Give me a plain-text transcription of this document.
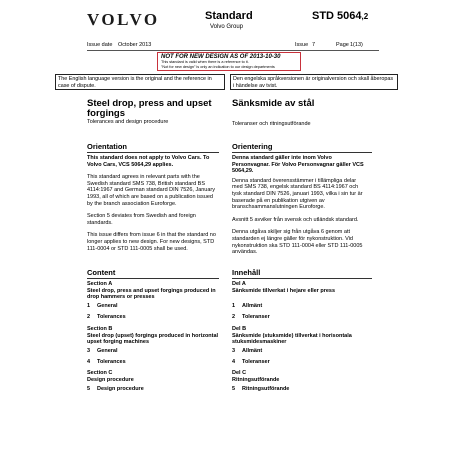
VOLVO	Standard
Volvo Group
STD 5064,2
Issue date October 2013	Issue 7	Page 1(13)
NOT FOR NEW DESIGN AS OF 2013-10-30
This standard is valid when there is a reference to it.
"Not for new design" is only an indication to our design departments
The English language version is the original and the reference in case of dispute.
Den engelska språkversionen är originalversion och skall åberopas i händelse av tvist.
Steel drop, press and upset
forgings
Tolerances and design procedure
Orientation
This standard does not apply to Volvo Cars. To Volvo Cars, VCS 5064,29 applies.
This standard agrees in relevant parts with the Swedish standard SMS 738, British standard BS 4114:1967 and German standard DIN 7526, January 1993, all of which are based on a publication issued by the branch association Euroforge.
Section 5 deviates from Swedish and foreign standards.
This issue differs from issue 6 in that the standard no longer applies to new design. For new designs, STD 111-0004 or STD 111-0005 shall be used.
Content
Section A
Steel drop, press and upset forgings produced in drop hammers or presses
1 General
2 Tolerances
Section B
Steel drop (upset) forgings produced in horizontal upset forging machines
3 General
4 Tolerances
Section C
Design procedure
5 Design procedure
Sänksmide av stål
Toleranser och ritningsutförande
Orientering
Denna standard gäller inte inom Volvo Personvagnar. För Volvo Personvagnar gäller VCS 5064,29.
Denna standard överensstämmer i tillämpliga delar med SMS 738, engelsk standard BS 4114:1967 och tysk standard DIN 7526, januari 1993, vilka i sin tur är baserade på en publikation utgiven av branschsammanslutningen Euroforge.
Avsnitt 5 avviker från svensk och utländsk standard.
Denna utgåva skiljer sig från utgåva 6 genom att standarden ej längre gäller för nykonstruktion. Vid nykonstruktion ska STD 111-0004 eller STD 111-0005 användas.
Innehåll
Del A
Sänksmide tillverkat i hejare eller press
1 Allmänt
2 Toleranser
Del B
Sänksmide (stuksmide) tillverkat i horisontala stuksmidesmaskiner
3 Allmänt
4 Toleranser
Del C
Ritningsutförande
5 Ritningsutförande
